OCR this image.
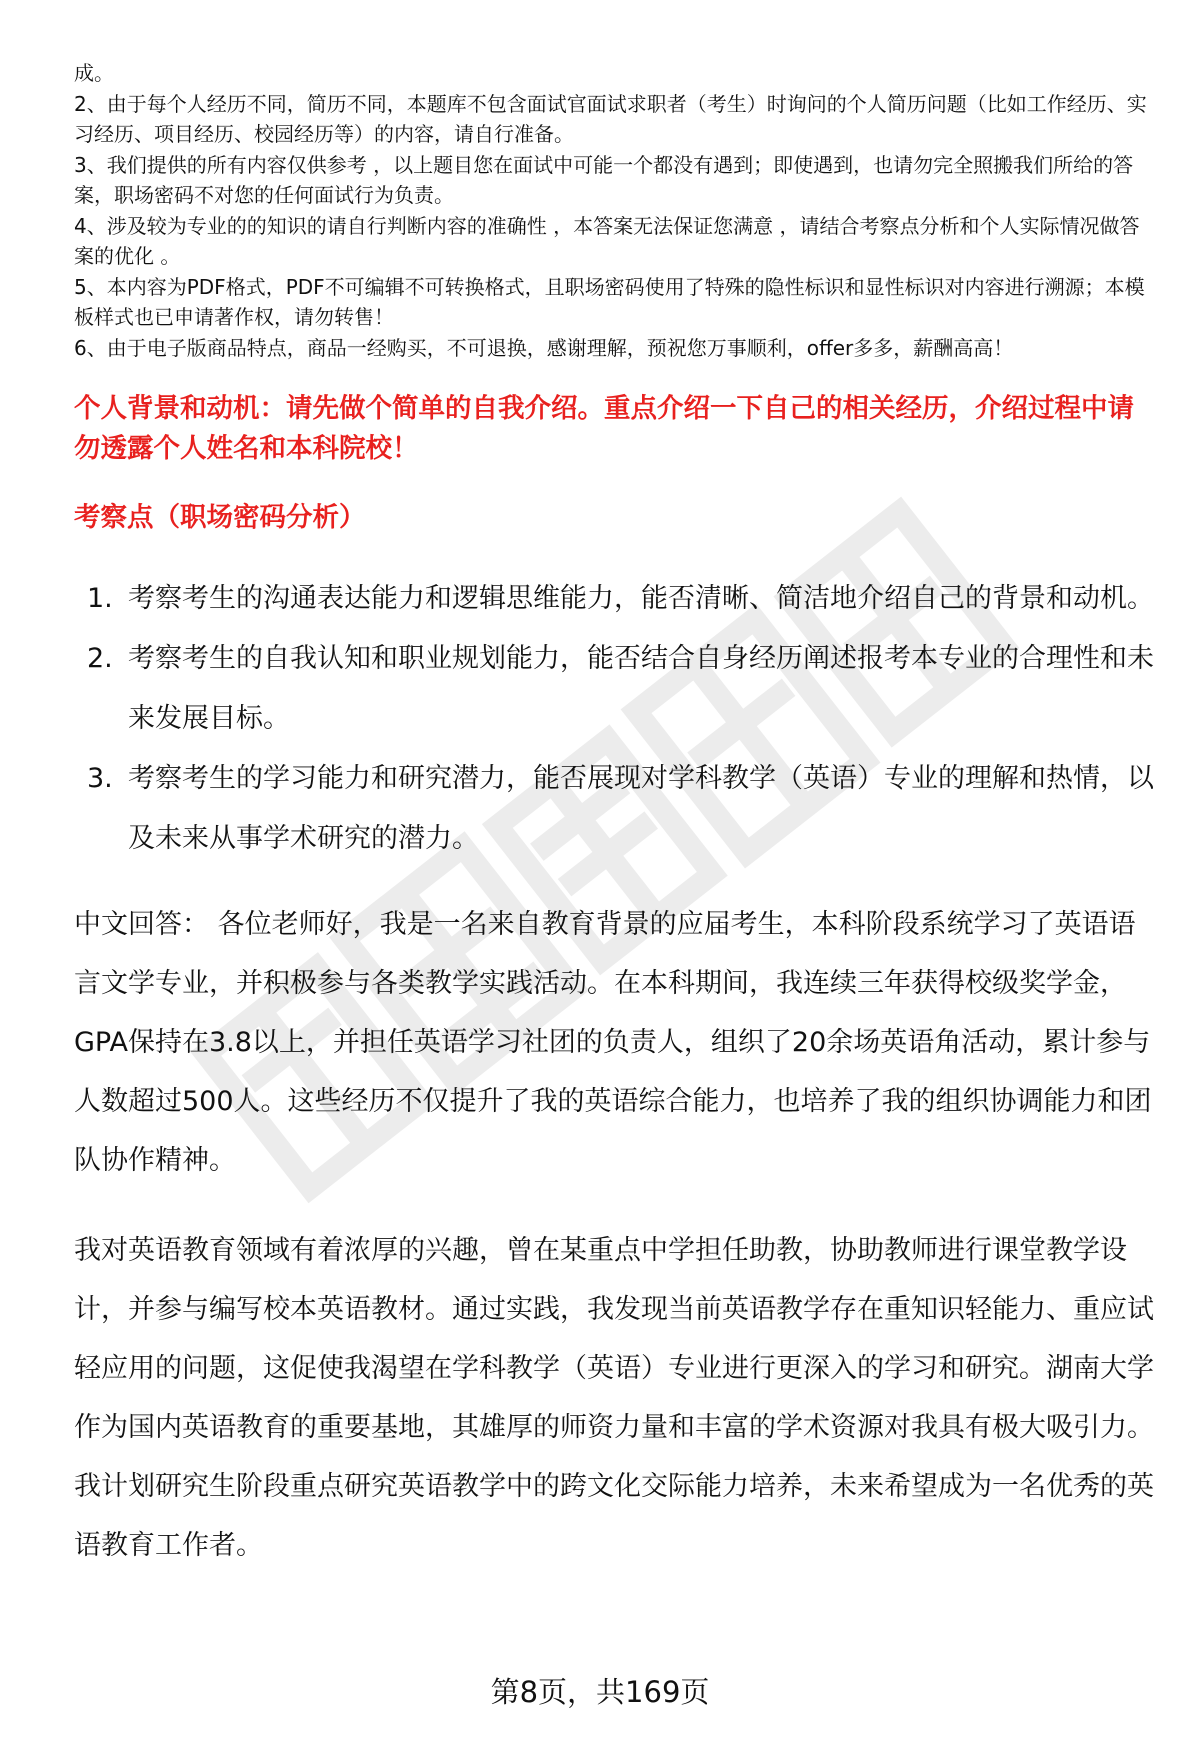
成。

2、由于每个人经历不同，简历不同，本题库不包含面试官面试求职者（考生）时询问的个人简历问题（比如工作经历、实习经历、项目经历、校园经历等）的内容，请自行准备。

3、我们提供的所有内容仅供参考 ，以上题目您在面试中可能一个都没有遇到；即使遇到，也请勿完全照搬我们所给的答案，职场密码不对您的任何面试行为负责。

4、涉及较为专业的的知识的请自行判断内容的准确性 ，本答案无法保证您满意 ，请结合考察点分析和个人实际情况做答案的优化 。

5、本内容为PDF格式，PDF不可编辑不可转换格式，且职场密码使用了特殊的隐性标识和显性标识对内容进行溯源；本模板样式也已申请著作权，请勿转售！

6、由于电子版商品特点，商品一经购买，不可退换，感谢理解，预祝您万事顺利，offer多多，薪酬高高！

个人背景和动机：请先做个简单的自我介绍。重点介绍一下自己的相关经历，介绍过程中请勿透露个人姓名和本科院校！

考察点（职场密码分析）

1. 考察考生的沟通表达能力和逻辑思维能力，能否清晰、简洁地介绍自己的背景和动机。
2. 考察考生的自我认知和职业规划能力，能否结合自身经历阐述报考本专业的合理性和未来发展目标。
3. 考察考生的学习能力和研究潜力，能否展现对学科教学（英语）专业的理解和热情，以及未来从事学术研究的潜力。

中文回答： 各位老师好，我是一名来自教育背景的应届考生，本科阶段系统学习了英语语言文学专业，并积极参与各类教学实践活动。在本科期间，我连续三年获得校级奖学金，GPA保持在3.8以上，并担任英语学习社团的负责人，组织了20余场英语角活动，累计参与人数超过500人。这些经历不仅提升了我的英语综合能力，也培养了我的组织协调能力和团队协作精神。

我对英语教育领域有着浓厚的兴趣，曾在某重点中学担任助教，协助教师进行课堂教学设计，并参与编写校本英语教材。通过实践，我发现当前英语教学存在重知识轻能力、重应试轻应用的问题，这促使我渴望在学科教学（英语）专业进行更深入的学习和研究。湖南大学作为国内英语教育的重要基地，其雄厚的师资力量和丰富的学术资源对我具有极大吸引力。我计划研究生阶段重点研究英语教学中的跨文化交际能力培养，未来希望成为一名优秀的英语教育工作者。

第8页，共169页
